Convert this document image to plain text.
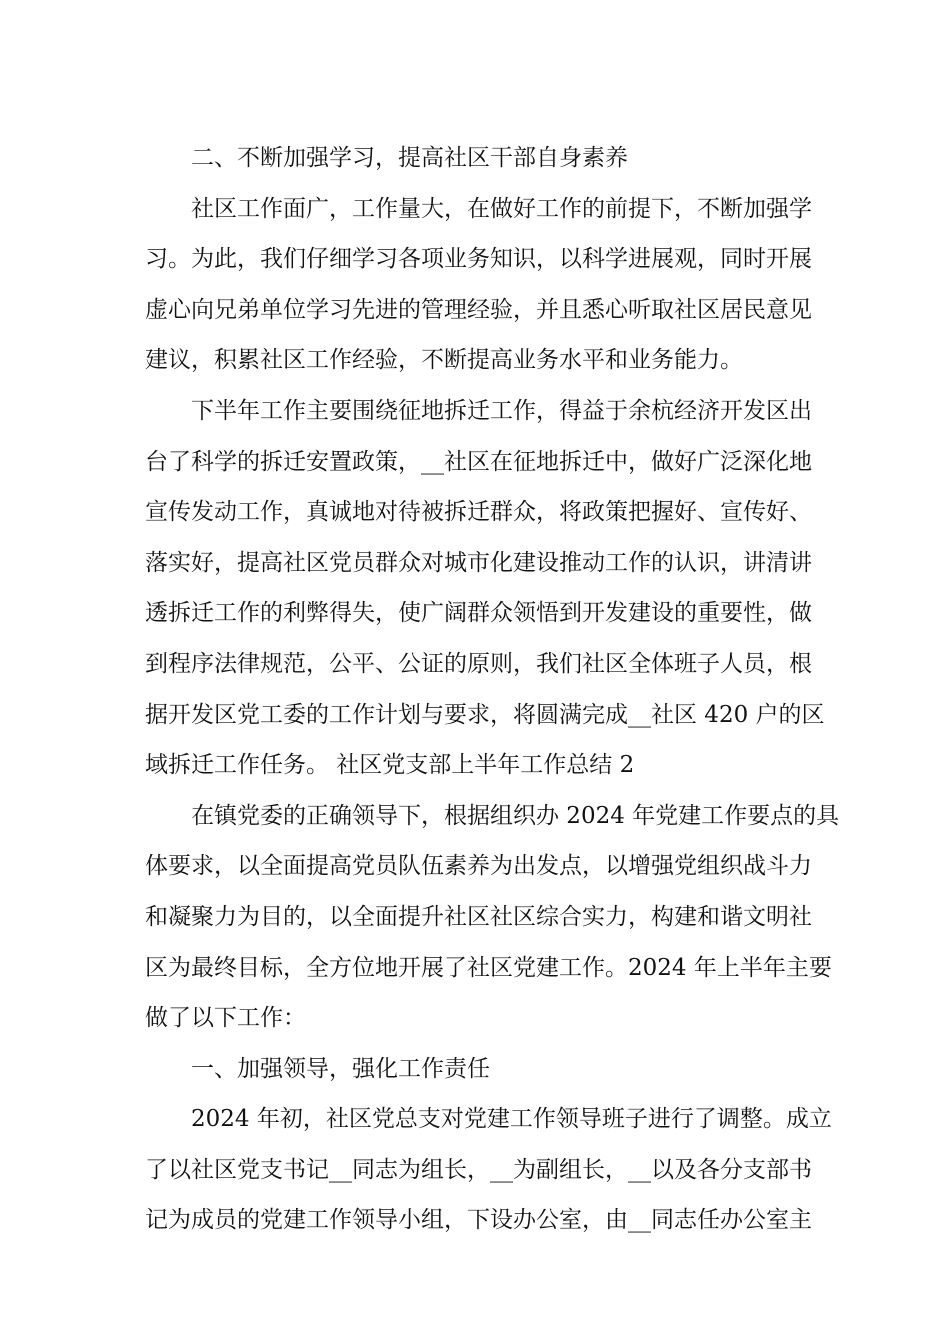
二、不断加强学习，提高社区干部自身素养
社区工作面广，工作量大，在做好工作的前提下，不断加强学
习。为此，我们仔细学习各项业务知识，以科学进展观，同时开展
虚心向兄弟单位学习先进的管理经验，并且悉心听取社区居民意见
建议，积累社区工作经验，不断提高业务水平和业务能力。
下半年工作主要围绕征地拆迁工作，得益于余杭经济开发区出
台了科学的拆迁安置政策，__社区在征地拆迁中，做好广泛深化地
宣传发动工作，真诚地对待被拆迁群众，将政策把握好、宣传好、
落实好，提高社区党员群众对城市化建设推动工作的认识，讲清讲
透拆迁工作的利弊得失，使广阔群众领悟到开发建设的重要性，做
到程序法律规范，公平、公证的原则，我们社区全体班子人员，根
据开发区党工委的工作计划与要求，将圆满完成__社区 420 户的区
域拆迁工作任务。 社区党支部上半年工作总结 2
在镇党委的正确领导下，根据组织办 2024 年党建工作要点的具
体要求，以全面提高党员队伍素养为出发点，以增强党组织战斗力
和凝聚力为目的，以全面提升社区社区综合实力，构建和谐文明社
区为最终目标，全方位地开展了社区党建工作。2024 年上半年主要
做了以下工作：
一、加强领导，强化工作责任
2024 年初，社区党总支对党建工作领导班子进行了调整。成立
了以社区党支书记__同志为组长，__为副组长，__以及各分支部书
记为成员的党建工作领导小组，下设办公室，由__同志任办公室主
